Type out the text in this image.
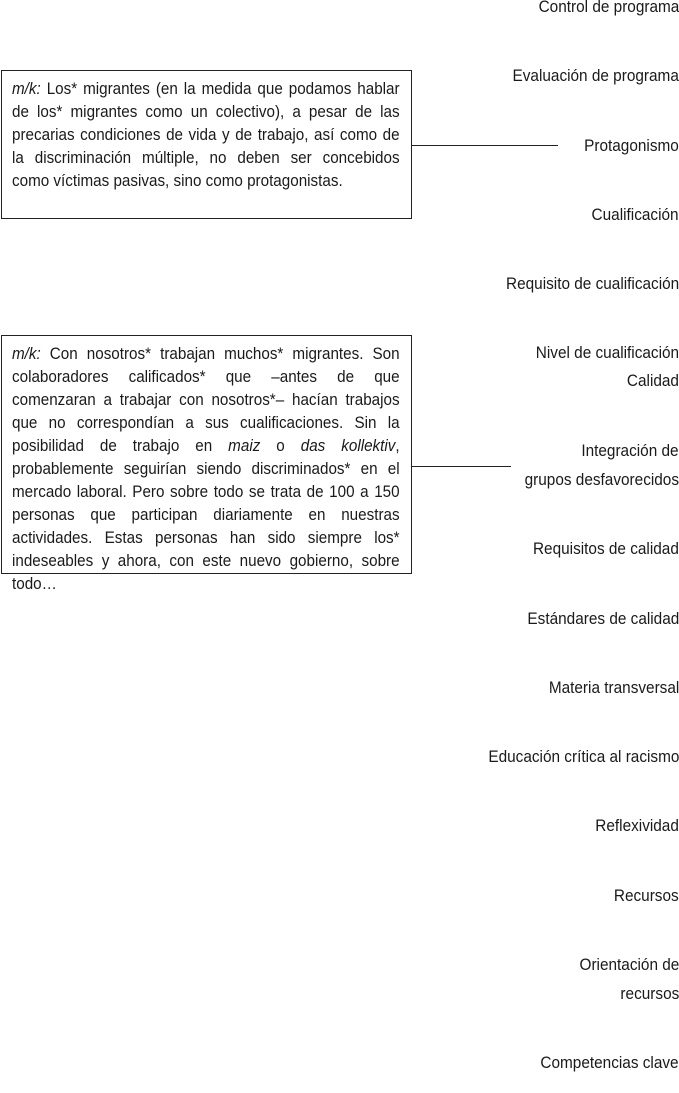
Control de programa
Evaluación de programa
Protagonismo
Cualificación
Requisito de cualificación
Nivel de cualificación
Calidad
Integración de
grupos desfavorecidos
Requisitos de calidad
Estándares de calidad
Materia transversal
Educación crítica al racismo
Reflexividad
Recursos
Orientación de
recursos
Competencias clave
m/k: Los* migrantes (en la medida que podamos hablar de los* migrantes como un colectivo), a pesar de las precarias condiciones de vida y de trabajo, así como de la discriminación múltiple, no deben ser concebidos como víctimas pasivas, sino como protagonistas.
m/k: Con nosotros* trabajan muchos* migrantes. Son colaboradores calificados* que –antes de que comenzaran a trabajar con nosotros*– hacían trabajos que no correspondían a sus cualificaciones. Sin la posibilidad de trabajo en maiz o das kollektiv, probablemente seguirían siendo discriminados* en el mercado laboral. Pero sobre todo se trata de 100 a 150 personas que participan diariamente en nuestras actividades. Estas personas han sido siempre los* indeseables y ahora, con este nuevo gobierno, sobre todo…
